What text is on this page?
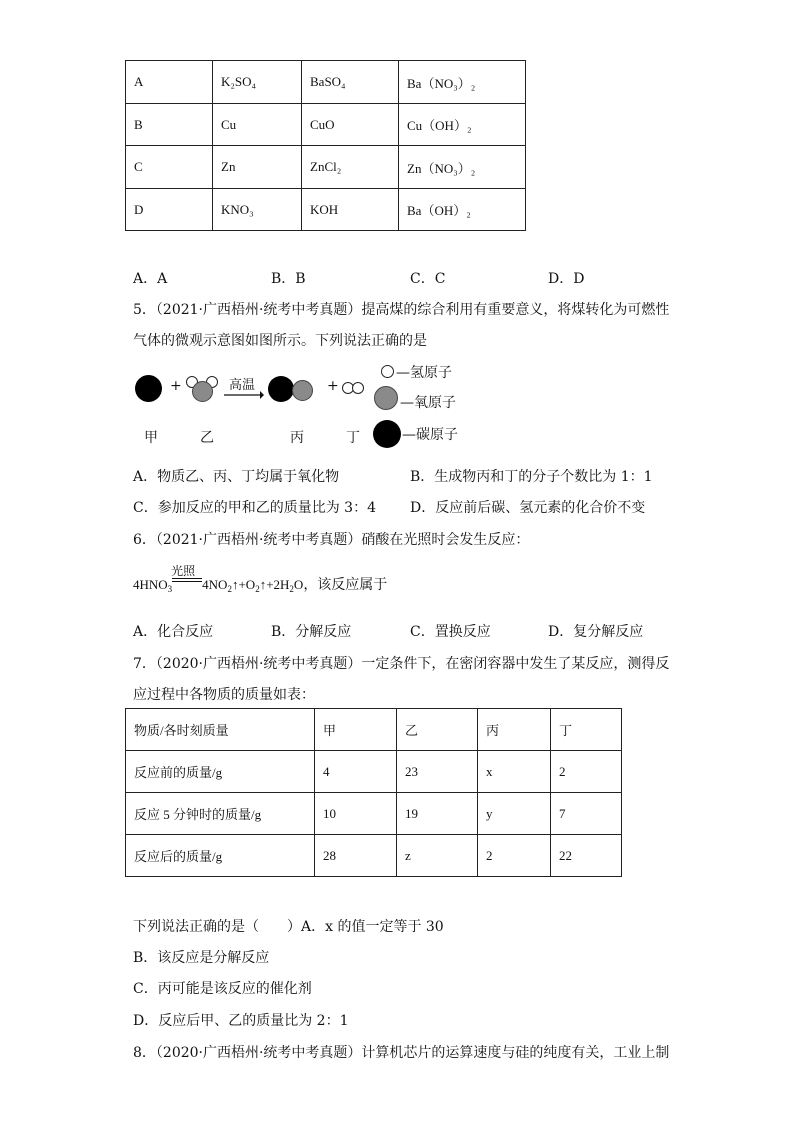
A	K₂SO₄	BaSO₄	Ba（NO₃）₂
B	Cu	CuO	Cu（OH）₂
C	Zn	ZnCl₂	Zn（NO₃）₂
D	KNO₃	KOH	Ba（OH）₂
A．A	B．B	C．C	D．D
5．（2021·广西梧州·统考中考真题）提高煤的综合利用有重要意义，将煤转化为可燃性
气体的微观示意图如图所示。下列说法正确的是
+	高温	+
—氢原子
—氧原子
—碳原子
甲	乙	丙	丁
A．物质乙、丙、丁均属于氧化物	B．生成物丙和丁的分子个数比为 1：1
C．参加反应的甲和乙的质量比为 3：4 D．反应前后碳、氢元素的化合价不变
6．（2021·广西梧州·统考中考真题）硝酸在光照时会发生反应：
$4HNO_3$
光照
$4NO_2↑+O_2↑+2H_2O$，该反应属于
A．化合反应	B．分解反应	C．置换反应	D．复分解反应
7．（2020·广西梧州·统考中考真题）一定条件下，在密闭容器中发生了某反应，测得反
应过程中各物质的质量如表：
物质/各时刻质量	甲	乙	丙	丁
反应前的质量/g	4	23	x	2
反应 5 分钟时的质量/g	10	19	y	7
反应后的质量/g	28	z	2	22
下列说法正确的是（　　）A．x 的值一定等于 30
B．该反应是分解反应
C．丙可能是该反应的催化剂
D．反应后甲、乙的质量比为 2：1
8．（2020·广西梧州·统考中考真题）计算机芯片的运算速度与硅的纯度有关，工业上制
